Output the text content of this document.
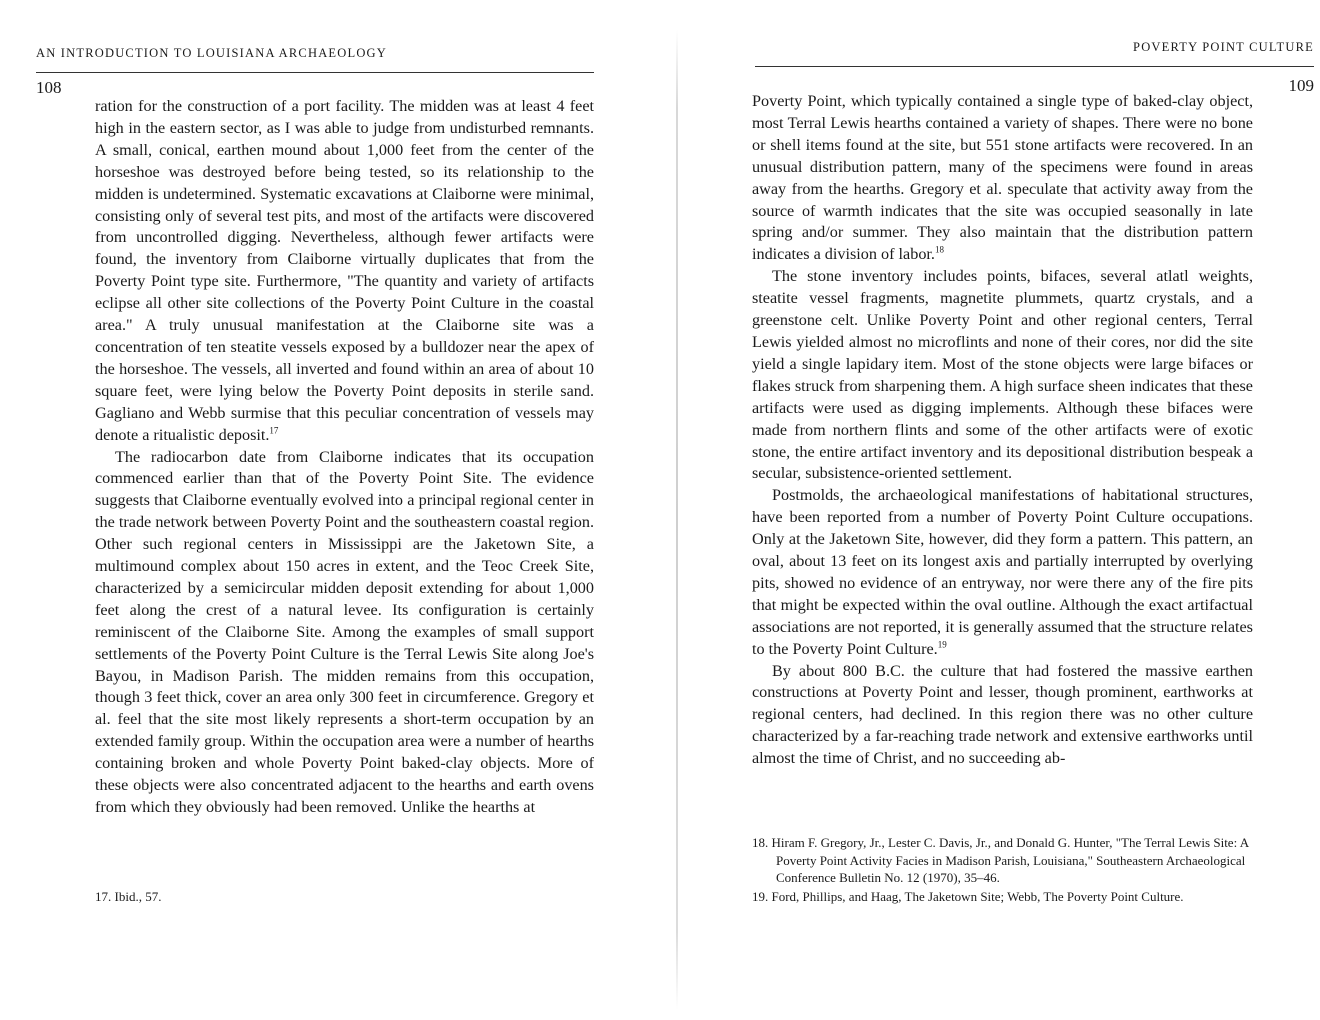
AN INTRODUCTION TO LOUISIANA ARCHAEOLOGY
108

ration for the construction of a port facility. The midden was at least 4 feet high in the eastern sector, as I was able to judge from undisturbed remnants. A small, conical, earthen mound about 1,000 feet from the center of the horseshoe was destroyed before being tested, so its relationship to the midden is undetermined. Systematic excavations at Claiborne were minimal, consisting only of several test pits, and most of the artifacts were discovered from uncontrolled digging. Nevertheless, although fewer artifacts were found, the inventory from Claiborne virtually duplicates that from the Poverty Point type site. Furthermore, "The quantity and variety of artifacts eclipse all other site collections of the Poverty Point Culture in the coastal area." A truly unusual manifestation at the Claiborne site was a concentration of ten steatite vessels exposed by a bulldozer near the apex of the horseshoe. The vessels, all inverted and found within an area of about 10 square feet, were lying below the Poverty Point deposits in sterile sand. Gagliano and Webb surmise that this peculiar concentration of vessels may denote a ritualistic deposit.$^{17}$

The radiocarbon date from Claiborne indicates that its occupation commenced earlier than that of the Poverty Point Site. The evidence suggests that Claiborne eventually evolved into a principal regional center in the trade network between Poverty Point and the southeastern coastal region. Other such regional centers in Mississippi are the Jaketown Site, a multimound complex about 150 acres in extent, and the Teoc Creek Site, characterized by a semicircular midden deposit extending for about 1,000 feet along the crest of a natural levee. Its configuration is certainly reminiscent of the Claiborne Site. Among the examples of small support settlements of the Poverty Point Culture is the Terral Lewis Site along Joe's Bayou, in Madison Parish. The midden remains from this occupation, though 3 feet thick, cover an area only 300 feet in circumference. Gregory et al. feel that the site most likely represents a short-term occupation by an extended family group. Within the occupation area were a number of hearths containing broken and whole Poverty Point baked-clay objects. More of these objects were also concentrated adjacent to the hearths and earth ovens from which they obviously had been removed. Unlike the hearths at

17. Ibid., 57.

POVERTY POINT CULTURE
109

Poverty Point, which typically contained a single type of baked-clay object, most Terral Lewis hearths contained a variety of shapes. There were no bone or shell items found at the site, but 551 stone artifacts were recovered. In an unusual distribution pattern, many of the specimens were found in areas away from the hearths. Gregory et al. speculate that activity away from the source of warmth indicates that the site was occupied seasonally in late spring and/or summer. They also maintain that the distribution pattern indicates a division of labor.$^{18}$

The stone inventory includes points, bifaces, several atlatl weights, steatite vessel fragments, magnetite plummets, quartz crystals, and a greenstone celt. Unlike Poverty Point and other regional centers, Terral Lewis yielded almost no microflints and none of their cores, nor did the site yield a single lapidary item. Most of the stone objects were large bifaces or flakes struck from sharpening them. A high surface sheen indicates that these artifacts were used as digging implements. Although these bifaces were made from northern flints and some of the other artifacts were of exotic stone, the entire artifact inventory and its depositional distribution bespeak a secular, subsistence-oriented settlement.

Postmolds, the archaeological manifestations of habitational structures, have been reported from a number of Poverty Point Culture occupations. Only at the Jaketown Site, however, did they form a pattern. This pattern, an oval, about 13 feet on its longest axis and partially interrupted by overlying pits, showed no evidence of an entryway, nor were there any of the fire pits that might be expected within the oval outline. Although the exact artifactual associations are not reported, it is generally assumed that the structure relates to the Poverty Point Culture.$^{19}$

By about 800 B.C. the culture that had fostered the massive earthen constructions at Poverty Point and lesser, though prominent, earthworks at regional centers, had declined. In this region there was no other culture characterized by a far-reaching trade network and extensive earthworks until almost the time of Christ, and no succeeding ab-

18. Hiram F. Gregory, Jr., Lester C. Davis, Jr., and Donald G. Hunter, "The Terral Lewis Site: A Poverty Point Activity Facies in Madison Parish, Louisiana," Southeastern Archaeological Conference Bulletin No. 12 (1970), 35–46.

19. Ford, Phillips, and Haag, The Jaketown Site; Webb, The Poverty Point Culture.
